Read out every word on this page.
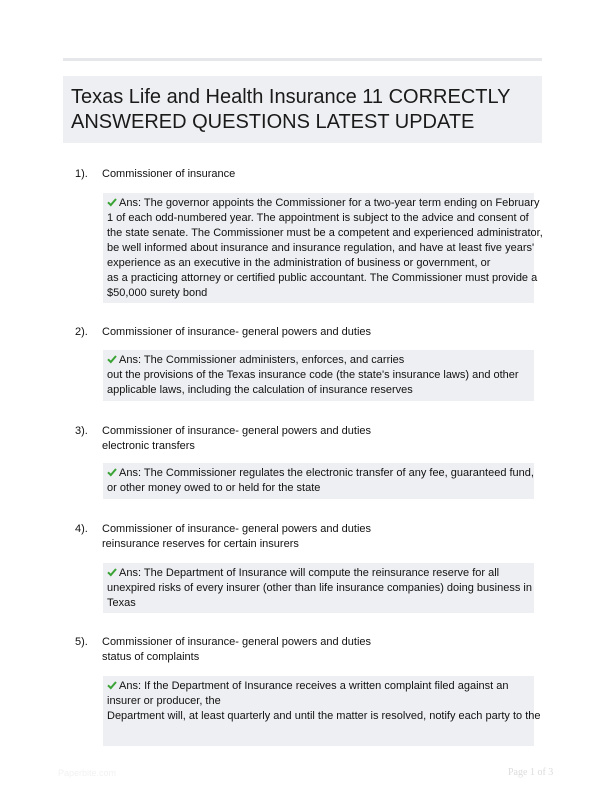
Texas Life and Health Insurance 11 CORRECTLY
ANSWERED QUESTIONS LATEST UPDATE
1). Commissioner of insurance
Ans: The governor appoints the Commissioner for a two-year term ending on February
1 of each odd-numbered year. The appointment is subject to the advice and consent of
the state senate. The Commissioner must be a competent and experienced administrator,
be well informed about insurance and insurance regulation, and have at least five years'
experience as an executive in the administration of business or government, or
as a practicing attorney or certified public accountant. The Commissioner must provide a
$50,000 surety bond
2). Commissioner of insurance- general powers and duties
Ans: The Commissioner administers, enforces, and carries
out the provisions of the Texas insurance code (the state's insurance laws) and other
applicable laws, including the calculation of insurance reserves
3). Commissioner of insurance- general powers and duties
electronic transfers
Ans: The Commissioner regulates the electronic transfer of any fee, guaranteed fund,
or other money owed to or held for the state
4). Commissioner of insurance- general powers and duties
reinsurance reserves for certain insurers
Ans: The Department of Insurance will compute the reinsurance reserve for all
unexpired risks of every insurer (other than life insurance companies) doing business in
Texas
5). Commissioner of insurance- general powers and duties
status of complaints
Ans: If the Department of Insurance receives a written complaint filed against an
insurer or producer, the
Department will, at least quarterly and until the matter is resolved, notify each party to the
Paperbite.com	Page 1 of 3
